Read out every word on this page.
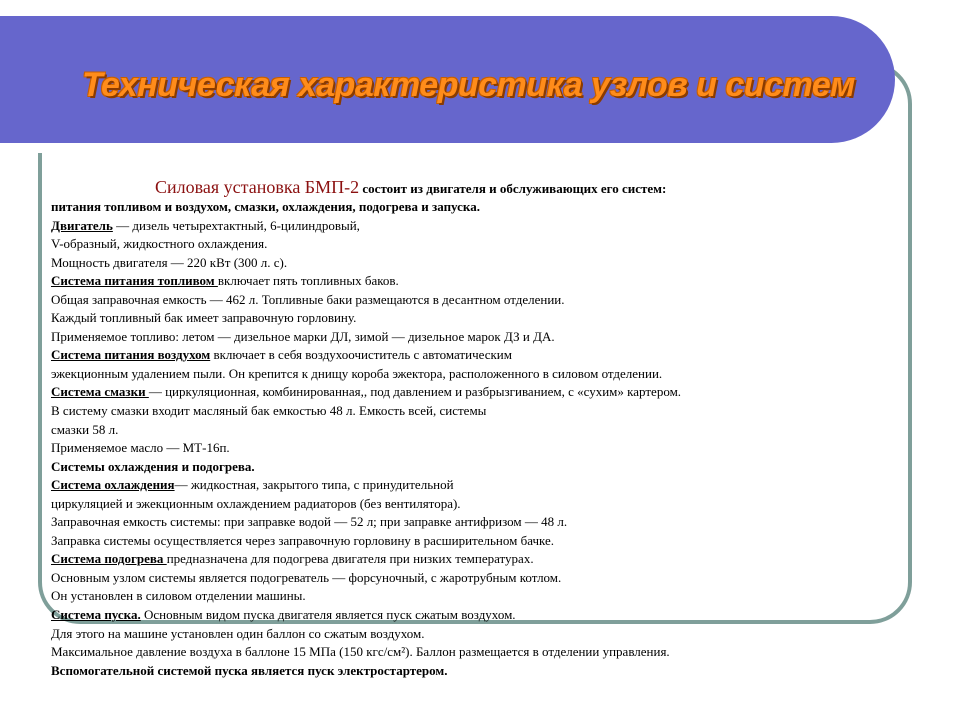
Техническая характеристика узлов и систем
Силовая установка БМП-2 состоит из двигателя и обслуживающих его систем:
питания топливом и воздухом, смазки, охлаждения, подогрева и запуска.
Двигатель — дизель четырехтактный, 6-цилиндровый,
V-образный, жидкостного охлаждения.
Мощность двигателя — 220 кВт (300 л. с).
Система питания топливом включает пять топливных баков.
Общая заправочная емкость — 462 л. Топливные баки размещаются в десантном отделении.
Каждый топливный бак имеет заправочную горловину.
Применяемое топливо: летом — дизельное марки ДЛ, зимой — дизельное марок ДЗ и ДА.
Система питания воздухом включает в себя воздухоочиститель с автоматическим
эжекционным удалением пыли. Он крепится к днищу короба эжектора, расположенного в силовом отделении.
Система смазки — циркуляционная, комбинированная,, под давлением и разбрызгиванием, с «сухим» картером.
В систему смазки входит масляный бак емкостью 48 л. Емкость всей, системы
смазки 58 л.
Применяемое масло — МТ-16п.
Системы охлаждения и подогрева.
Система охлаждения— жидкостная, закрытого типа, с принудительной
циркуляцией и эжекционным охлаждением радиаторов (без вентилятора).
Заправочная емкость системы: при заправке водой — 52 л; при заправке антифризом — 48 л.
Заправка системы осуществляется через заправочную горловину в расширительном бачке.
Система подогрева предназначена для подогрева двигателя при низких температурах.
Основным узлом системы является подогреватель — форсуночный, с жаротрубным котлом.
Он установлен в силовом отделении машины.
Система пуска. Основным видом пуска двигателя является пуск сжатым воздухом.
Для этого на машине установлен один баллон со сжатым воздухом.
Максимальное давление воздуха в баллоне 15 МПа (150 кгс/см²). Баллон размещается в отделении управления.
Вспомогательной системой пуска является пуск электростартером.
